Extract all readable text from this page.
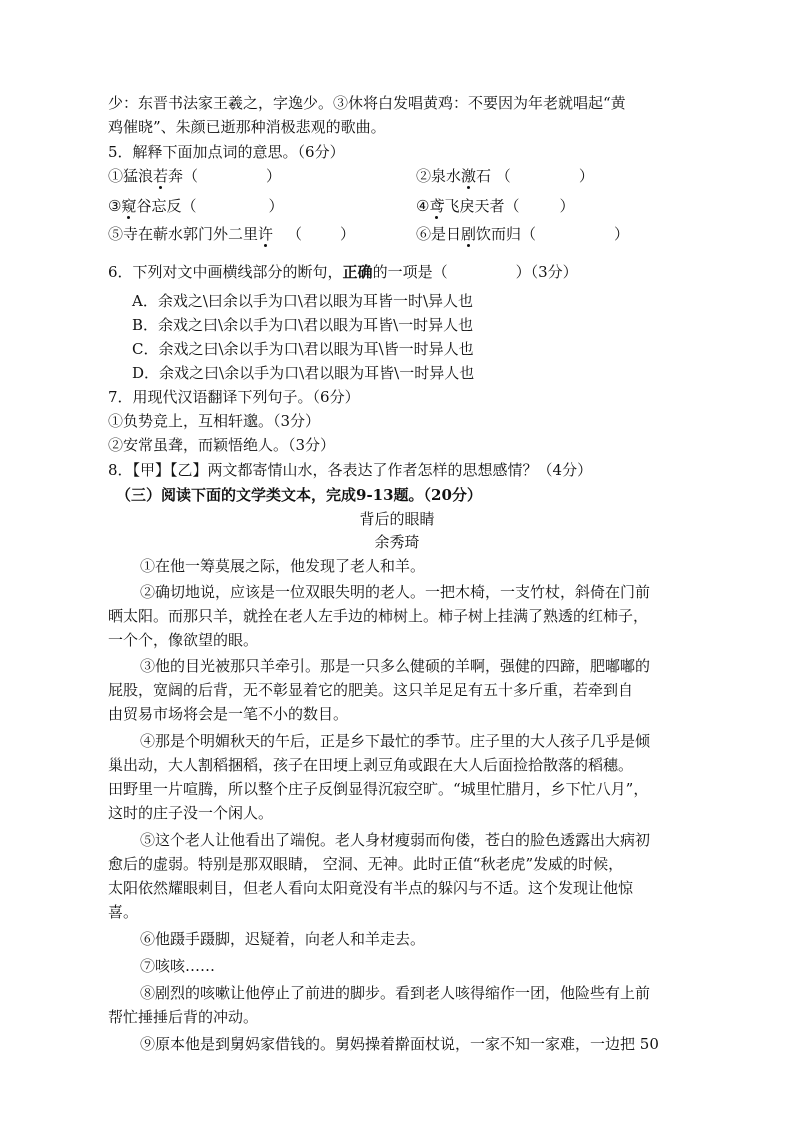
少：东晋书法家王羲之，字逸少。③休将白发唱黄鸡：不要因为年老就唱起“黄
鸡催晓”、朱颜已逝那种消极悲观的歌曲。
5．解释下面加点词的意思。（6分）
①猛浪若奔（	）	②泉水激石 （	）
③窥谷忘反（	）	④鸢飞戾天者（	）
⑤寺在蕲水郭门外二里许 （	）	⑥是日剧饮而归（	）
6．下列对文中画横线部分的断句，正确的一项是（	）（3分）
A．余戏之\曰余以手为口\君以眼为耳皆一时\异人也
B．余戏之曰\余以手为口\君以眼为耳皆\一时异人也
C．余戏之曰\余以手为口\君以眼为耳\皆一时异人也
D．余戏之曰\余以手为口\君以眼为耳皆\一时异人也
7．用现代汉语翻译下列句子。（6分）
①负势竞上，互相轩邈。（3分）
②安常虽聋，而颖悟绝人。（3分）
8．【甲】【乙】两文都寄情山水，各表达了作者怎样的思想感情？（4分）
（三）阅读下面的文学类文本，完成9-13题。（20分）
背后的眼睛
余秀琦
①在他一筹莫展之际，他发现了老人和羊。
②确切地说，应该是一位双眼失明的老人。一把木椅，一支竹杖，斜倚在门前
晒太阳。而那只羊，就拴在老人左手边的柿树上。柿子树上挂满了熟透的红柿子，
一个个，像欲望的眼。
③他的目光被那只羊牵引。那是一只多么健硕的羊啊，强健的四蹄，肥嘟嘟的
屁股，宽阔的后背，无不彰显着它的肥美。这只羊足足有五十多斤重，若牵到自
由贸易市场将会是一笔不小的数目。
④那是个明媚秋天的午后，正是乡下最忙的季节。庄子里的大人孩子几乎是倾
巢出动，大人割稻捆稻，孩子在田埂上剥豆角或跟在大人后面捡拾散落的稻穗。
田野里一片喧腾，所以整个庄子反倒显得沉寂空旷。“城里忙腊月，乡下忙八月”，
这时的庄子没一个闲人。
⑤这个老人让他看出了端倪。老人身材瘦弱而佝偻，苍白的脸色透露出大病初
愈后的虚弱。特别是那双眼睛， 空洞、无神。此时正值“秋老虎”发威的时候，
太阳依然耀眼刺目，但老人看向太阳竟没有半点的躲闪与不适。这个发现让他惊
喜。
⑥他蹑手蹑脚，迟疑着，向老人和羊走去。
⑦咳咳……
⑧剧烈的咳嗽让他停止了前进的脚步。看到老人咳得缩作一团，他险些有上前
帮忙捶捶后背的冲动。
⑨原本他是到舅妈家借钱的。舅妈操着擀面杖说，一家不知一家难，一边把 50
